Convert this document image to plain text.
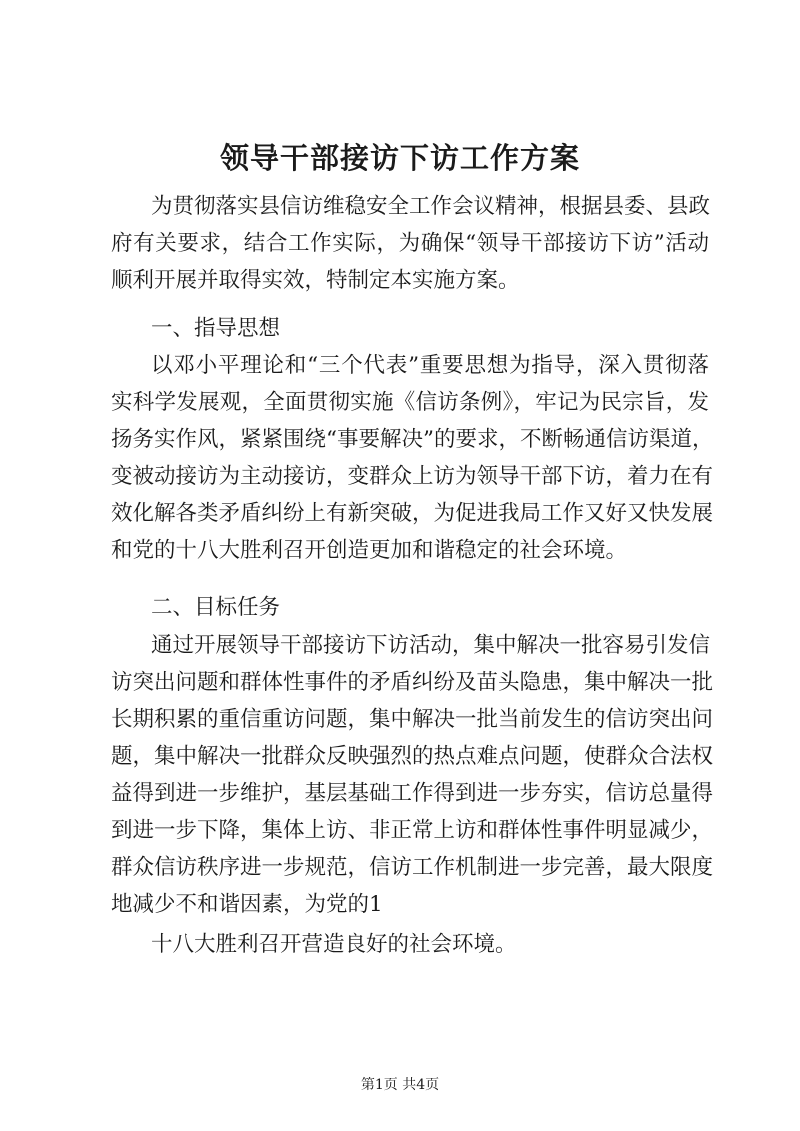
领导干部接访下访工作方案
为贯彻落实县信访维稳安全工作会议精神，根据县委、县政
府有关要求，结合工作实际，为确保“领导干部接访下访”活动
顺利开展并取得实效，特制定本实施方案。
一、指导思想
以邓小平理论和“三个代表”重要思想为指导，深入贯彻落
实科学发展观，全面贯彻实施《信访条例》，牢记为民宗旨，发
扬务实作风，紧紧围绕“事要解决”的要求，不断畅通信访渠道，
变被动接访为主动接访，变群众上访为领导干部下访，着力在有
效化解各类矛盾纠纷上有新突破，为促进我局工作又好又快发展
和党的十八大胜利召开创造更加和谐稳定的社会环境。
二、目标任务
通过开展领导干部接访下访活动，集中解决一批容易引发信
访突出问题和群体性事件的矛盾纠纷及苗头隐患，集中解决一批
长期积累的重信重访问题，集中解决一批当前发生的信访突出问
题，集中解决一批群众反映强烈的热点难点问题，使群众合法权
益得到进一步维护，基层基础工作得到进一步夯实，信访总量得
到进一步下降，集体上访、非正常上访和群体性事件明显减少，
群众信访秩序进一步规范，信访工作机制进一步完善，最大限度
地减少不和谐因素，为党的1
十八大胜利召开营造良好的社会环境。
第1页 共4页
